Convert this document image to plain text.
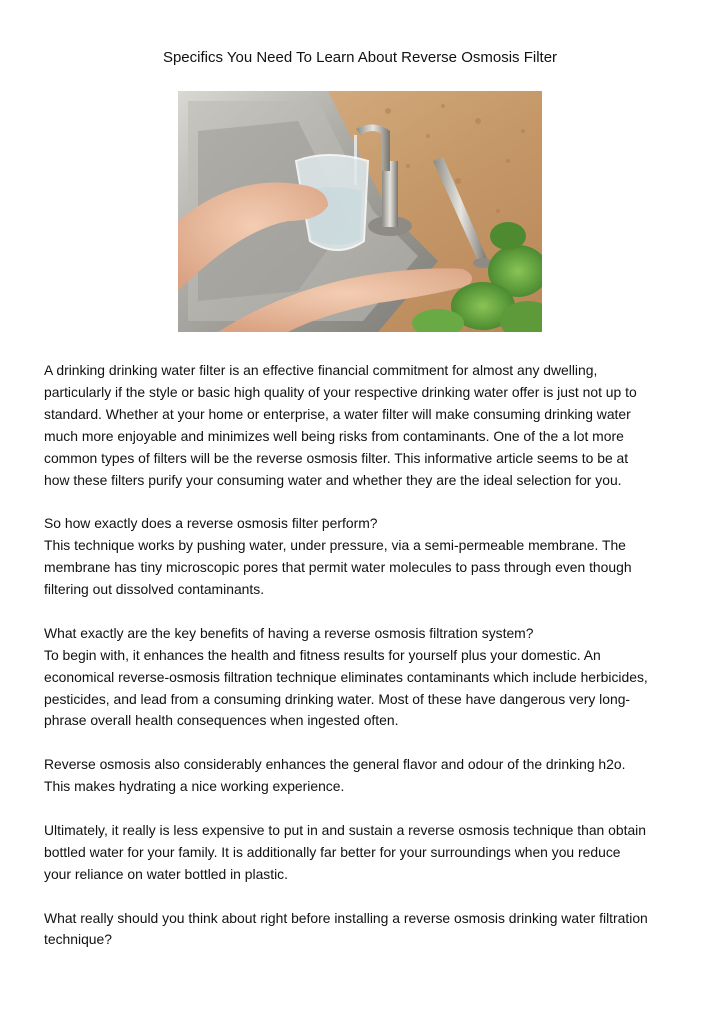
Specifics You Need To Learn About Reverse Osmosis Filter

A drinking drinking water filter is an effective financial commitment for almost any dwelling,
particularly if the style or basic high quality of your respective drinking water offer is just not up to
standard. Whether at your home or enterprise, a water filter will make consuming drinking water
much more enjoyable and minimizes well being risks from contaminants. One of the a lot more
common types of filters will be the reverse osmosis filter. This informative article seems to be at
how these filters purify your consuming water and whether they are the ideal selection for you.

So how exactly does a reverse osmosis filter perform?
This technique works by pushing water, under pressure, via a semi-permeable membrane. The
membrane has tiny microscopic pores that permit water molecules to pass through even though
filtering out dissolved contaminants.

What exactly are the key benefits of having a reverse osmosis filtration system?
To begin with, it enhances the health and fitness results for yourself plus your domestic. An
economical reverse-osmosis filtration technique eliminates contaminants which include herbicides,
pesticides, and lead from a consuming drinking water. Most of these have dangerous very long-
phrase overall health consequences when ingested often.

Reverse osmosis also considerably enhances the general flavor and odour of the drinking h2o.
This makes hydrating a nice working experience.

Ultimately, it really is less expensive to put in and sustain a reverse osmosis technique than obtain
bottled water for your family. It is additionally far better for your surroundings when you reduce
your reliance on water bottled in plastic.

What really should you think about right before installing a reverse osmosis drinking water filtration
technique?
